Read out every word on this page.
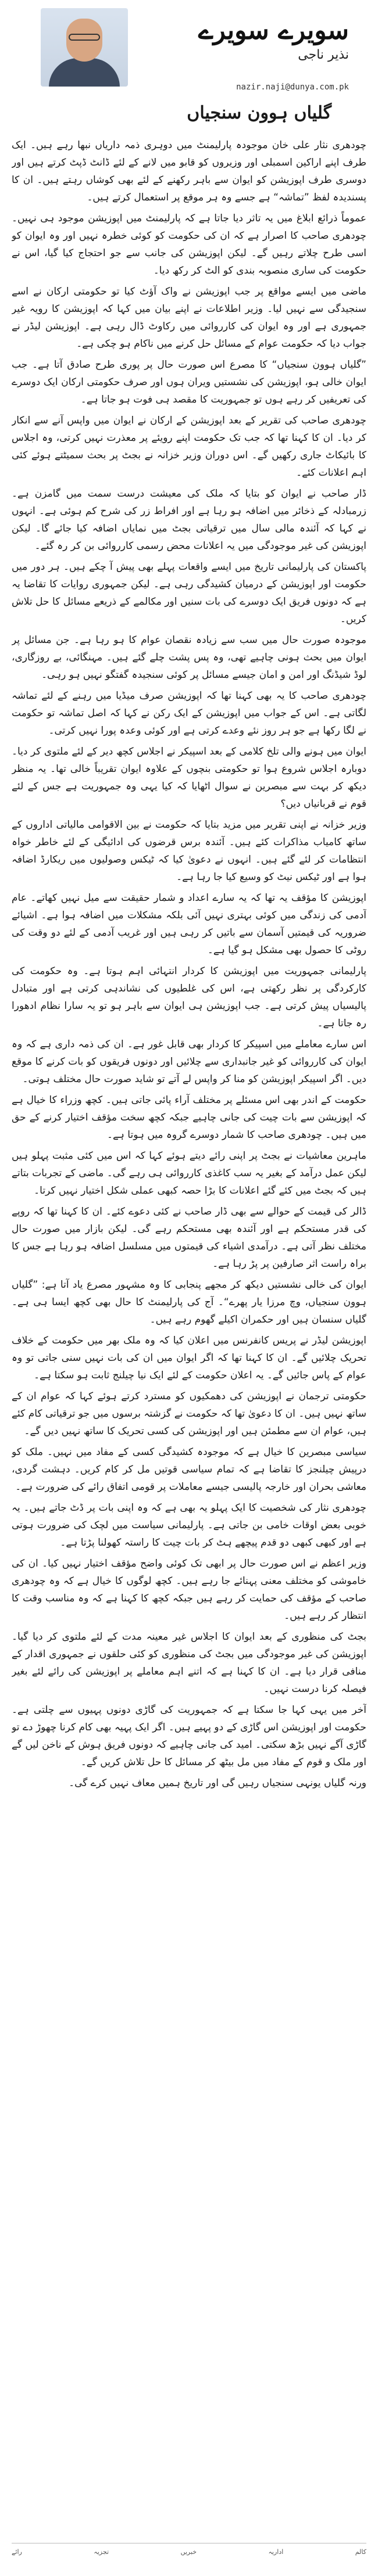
سویرے سویرے
نذیر ناجی
nazir.naji@dunya.com.pk
گلیاں ہوون سنجیاں

چودھری نثار علی خان موجودہ پارلیمنٹ میں دوہری ذمہ داریاں نبھا رہے ہیں۔ ایک طرف اپنے اراکین اسمبلی اور وزیروں کو قابو میں لانے کے لئے ڈانٹ ڈپٹ کرتے ہیں اور دوسری طرف اپوزیشن کو ایوان سے باہر رکھنے کے لئے بھی کوشاں رہتے ہیں۔ ان کا پسندیدہ لفظ ”تماشہ“ ہے جسے وہ ہر موقع پر استعمال کرتے ہیں۔

عموماً ذرائع ابلاغ میں یہ تاثر دیا جاتا ہے کہ پارلیمنٹ میں اپوزیشن موجود ہی نہیں۔ چودھری صاحب کا اصرار ہے کہ ان کی حکومت کو کوئی خطرہ نہیں اور وہ ایوان کو اسی طرح چلاتے رہیں گے۔ لیکن اپوزیشن کی جانب سے جو احتجاج کیا گیا، اس نے حکومت کی ساری منصوبہ بندی کو الٹ کر رکھ دیا۔

ماضی میں ایسے مواقع پر جب اپوزیشن نے واک آؤٹ کیا تو حکومتی ارکان نے اسے سنجیدگی سے نہیں لیا۔ وزیر اطلاعات نے اپنے بیان میں کہا کہ اپوزیشن کا رویہ غیر جمہوری ہے اور وہ ایوان کی کارروائی میں رکاوٹ ڈال رہی ہے۔ اپوزیشن لیڈر نے جواب دیا کہ حکومت عوام کے مسائل حل کرنے میں ناکام ہو چکی ہے۔

”گلیاں ہوون سنجیاں“ کا مصرع اس صورت حال پر پوری طرح صادق آتا ہے۔ جب ایوان خالی ہو، اپوزیشن کی نشستیں ویران ہوں اور صرف حکومتی ارکان ایک دوسرے کی تعریفیں کر رہے ہوں تو جمہوریت کا مقصد ہی فوت ہو جاتا ہے۔

چودھری صاحب کی تقریر کے بعد اپوزیشن کے ارکان نے ایوان میں واپس آنے سے انکار کر دیا۔ ان کا کہنا تھا کہ جب تک حکومت اپنے رویئے پر معذرت نہیں کرتی، وہ اجلاس کا بائیکاٹ جاری رکھیں گے۔ اس دوران وزیر خزانہ نے بجٹ پر بحث سمیٹتے ہوئے کئی اہم اعلانات کئے۔

ڈار صاحب نے ایوان کو بتایا کہ ملک کی معیشت درست سمت میں گامزن ہے۔ زرمبادلہ کے ذخائر میں اضافہ ہو رہا ہے اور افراط زر کی شرح کم ہوئی ہے۔ انہوں نے کہا کہ آئندہ مالی سال میں ترقیاتی بجٹ میں نمایاں اضافہ کیا جائے گا۔ لیکن اپوزیشن کی غیر موجودگی میں یہ اعلانات محض رسمی کارروائی بن کر رہ گئے۔

پاکستان کی پارلیمانی تاریخ میں ایسے واقعات پہلے بھی پیش آ چکے ہیں۔ ہر دور میں حکومت اور اپوزیشن کے درمیان کشیدگی رہی ہے۔ لیکن جمہوری روایات کا تقاضا یہ ہے کہ دونوں فریق ایک دوسرے کی بات سنیں اور مکالمے کے ذریعے مسائل کا حل تلاش کریں۔

موجودہ صورت حال میں سب سے زیادہ نقصان عوام کا ہو رہا ہے۔ جن مسائل پر ایوان میں بحث ہونی چاہیے تھی، وہ پس پشت چلے گئے ہیں۔ مہنگائی، بے روزگاری، لوڈ شیڈنگ اور امن و امان جیسے مسائل پر کوئی سنجیدہ گفتگو نہیں ہو رہی۔

چودھری صاحب کا یہ بھی کہنا تھا کہ اپوزیشن صرف میڈیا میں رہنے کے لئے تماشہ لگاتی ہے۔ اس کے جواب میں اپوزیشن کے ایک رکن نے کہا کہ اصل تماشہ تو حکومت نے لگا رکھا ہے جو ہر روز نئے وعدے کرتی ہے اور کوئی وعدہ پورا نہیں کرتی۔

ایوان میں ہونے والی تلخ کلامی کے بعد اسپیکر نے اجلاس کچھ دیر کے لئے ملتوی کر دیا۔ دوبارہ اجلاس شروع ہوا تو حکومتی بنچوں کے علاوہ ایوان تقریباً خالی تھا۔ یہ منظر دیکھ کر بہت سے مبصرین نے سوال اٹھایا کہ کیا یہی وہ جمہوریت ہے جس کے لئے قوم نے قربانیاں دیں؟

وزیر خزانہ نے اپنی تقریر میں مزید بتایا کہ حکومت نے بین الاقوامی مالیاتی اداروں کے ساتھ کامیاب مذاکرات کئے ہیں۔ آئندہ برس قرضوں کی ادائیگی کے لئے خاطر خواہ انتظامات کر لئے گئے ہیں۔ انہوں نے دعویٰ کیا کہ ٹیکس وصولیوں میں ریکارڈ اضافہ ہوا ہے اور ٹیکس نیٹ کو وسیع کیا جا رہا ہے۔

اپوزیشن کا مؤقف یہ تھا کہ یہ سارے اعداد و شمار حقیقت سے میل نہیں کھاتے۔ عام آدمی کی زندگی میں کوئی بہتری نہیں آئی بلکہ مشکلات میں اضافہ ہوا ہے۔ اشیائے ضروریہ کی قیمتیں آسمان سے باتیں کر رہی ہیں اور غریب آدمی کے لئے دو وقت کی روٹی کا حصول بھی مشکل ہو گیا ہے۔

پارلیمانی جمہوریت میں اپوزیشن کا کردار انتہائی اہم ہوتا ہے۔ وہ حکومت کی کارکردگی پر نظر رکھتی ہے، اس کی غلطیوں کی نشاندہی کرتی ہے اور متبادل پالیسیاں پیش کرتی ہے۔ جب اپوزیشن ہی ایوان سے باہر ہو تو یہ سارا نظام ادھورا رہ جاتا ہے۔

اس سارے معاملے میں اسپیکر کا کردار بھی قابل غور ہے۔ ان کی ذمہ داری ہے کہ وہ ایوان کی کارروائی کو غیر جانبداری سے چلائیں اور دونوں فریقوں کو بات کرنے کا موقع دیں۔ اگر اسپیکر اپوزیشن کو منا کر واپس لے آتے تو شاید صورت حال مختلف ہوتی۔

حکومت کے اندر بھی اس مسئلے پر مختلف آراء پائی جاتی ہیں۔ کچھ وزراء کا خیال ہے کہ اپوزیشن سے بات چیت کی جانی چاہیے جبکہ کچھ سخت مؤقف اختیار کرنے کے حق میں ہیں۔ چودھری صاحب کا شمار دوسرے گروہ میں ہوتا ہے۔

ماہرین معاشیات نے بجٹ پر اپنی رائے دیتے ہوئے کہا کہ اس میں کئی مثبت پہلو ہیں لیکن عمل درآمد کے بغیر یہ سب کاغذی کارروائی ہی رہے گی۔ ماضی کے تجربات بتاتے ہیں کہ بجٹ میں کئے گئے اعلانات کا بڑا حصہ کبھی عملی شکل اختیار نہیں کرتا۔

ڈالر کی قیمت کے حوالے سے بھی ڈار صاحب نے کئی دعوے کئے۔ ان کا کہنا تھا کہ روپے کی قدر مستحکم ہے اور آئندہ بھی مستحکم رہے گی۔ لیکن بازار میں صورت حال مختلف نظر آتی ہے۔ درآمدی اشیاء کی قیمتوں میں مسلسل اضافہ ہو رہا ہے جس کا براہ راست اثر صارفین پر پڑ رہا ہے۔

ایوان کی خالی نشستیں دیکھ کر مجھے پنجابی کا وہ مشہور مصرع یاد آتا ہے: ”گلیاں ہوون سنجیاں، وچ مرزا یار پھرے“۔ آج کی پارلیمنٹ کا حال بھی کچھ ایسا ہی ہے۔ گلیاں سنسان ہیں اور حکمران اکیلے گھوم رہے ہیں۔

اپوزیشن لیڈر نے پریس کانفرنس میں اعلان کیا کہ وہ ملک بھر میں حکومت کے خلاف تحریک چلائیں گے۔ ان کا کہنا تھا کہ اگر ایوان میں ان کی بات نہیں سنی جاتی تو وہ عوام کے پاس جائیں گے۔ یہ اعلان حکومت کے لئے ایک نیا چیلنج ثابت ہو سکتا ہے۔

حکومتی ترجمان نے اپوزیشن کی دھمکیوں کو مسترد کرتے ہوئے کہا کہ عوام ان کے ساتھ نہیں ہیں۔ ان کا دعویٰ تھا کہ حکومت نے گزشتہ برسوں میں جو ترقیاتی کام کئے ہیں، عوام ان سے مطمئن ہیں اور اپوزیشن کی کسی تحریک کا ساتھ نہیں دیں گے۔

سیاسی مبصرین کا خیال ہے کہ موجودہ کشیدگی کسی کے مفاد میں نہیں۔ ملک کو درپیش چیلنجز کا تقاضا ہے کہ تمام سیاسی قوتیں مل کر کام کریں۔ دہشت گردی، معاشی بحران اور خارجہ پالیسی جیسے معاملات پر قومی اتفاق رائے کی ضرورت ہے۔

چودھری نثار کی شخصیت کا ایک پہلو یہ بھی ہے کہ وہ اپنی بات پر ڈٹ جاتے ہیں۔ یہ خوبی بعض اوقات خامی بن جاتی ہے۔ پارلیمانی سیاست میں لچک کی ضرورت ہوتی ہے اور کبھی کبھی دو قدم پیچھے ہٹ کر بات چیت کا راستہ کھولنا پڑتا ہے۔

وزیر اعظم نے اس صورت حال پر ابھی تک کوئی واضح مؤقف اختیار نہیں کیا۔ ان کی خاموشی کو مختلف معنی پہنائے جا رہے ہیں۔ کچھ لوگوں کا خیال ہے کہ وہ چودھری صاحب کے مؤقف کی حمایت کر رہے ہیں جبکہ کچھ کا کہنا ہے کہ وہ مناسب وقت کا انتظار کر رہے ہیں۔

بجٹ کی منظوری کے بعد ایوان کا اجلاس غیر معینہ مدت کے لئے ملتوی کر دیا گیا۔ اپوزیشن کی غیر موجودگی میں بجٹ کی منظوری کو کئی حلقوں نے جمہوری اقدار کے منافی قرار دیا ہے۔ ان کا کہنا ہے کہ اتنے اہم معاملے پر اپوزیشن کی رائے لئے بغیر فیصلہ کرنا درست نہیں۔

آخر میں یہی کہا جا سکتا ہے کہ جمہوریت کی گاڑی دونوں پہیوں سے چلتی ہے۔ حکومت اور اپوزیشن اس گاڑی کے دو پہیے ہیں۔ اگر ایک پہیہ بھی کام کرنا چھوڑ دے تو گاڑی آگے نہیں بڑھ سکتی۔ امید کی جانی چاہیے کہ دونوں فریق ہوش کے ناخن لیں گے اور ملک و قوم کے مفاد میں مل بیٹھ کر مسائل کا حل تلاش کریں گے۔

ورنہ گلیاں یونہی سنجیاں رہیں گی اور تاریخ ہمیں معاف نہیں کرے گی۔

کالم
اداریہ
خبریں
تجزیہ
رائے
